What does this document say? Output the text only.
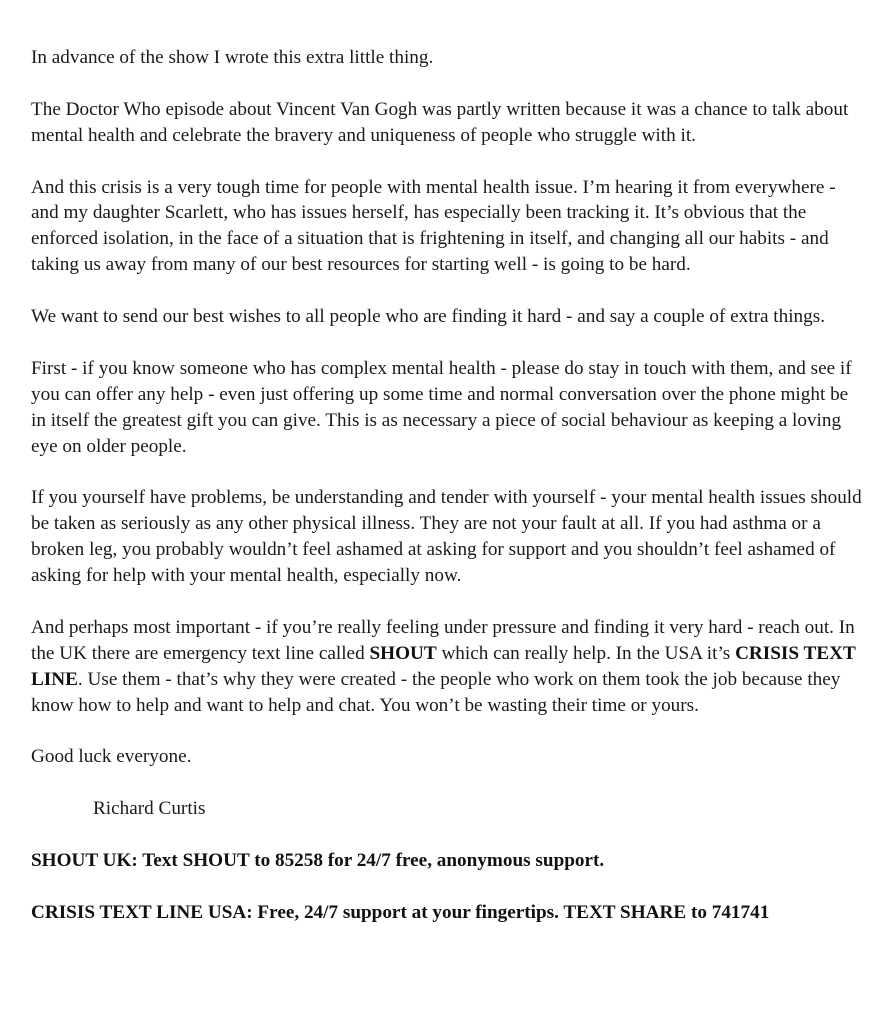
In advance of the show I wrote this extra little thing.

The Doctor Who episode about Vincent Van Gogh was partly written because it was a chance to talk about mental health and celebrate the bravery and uniqueness of people who struggle with it.

And this crisis is a very tough time for people with mental health issue. I’m hearing it from everywhere - and my daughter Scarlett, who has issues herself, has especially been tracking it. It’s obvious that the enforced isolation, in the face of a situation that is frightening in itself, and changing all our habits - and taking us away from many of our best resources for starting well - is going to be hard.

We want to send our best wishes to all people who are finding it hard - and say a couple of extra things.

First - if you know someone who has complex mental health - please do stay in touch with them, and see if you can offer any help - even just offering up some time and normal conversation over the phone might be in itself the greatest gift you can give. This is as necessary a piece of social behaviour as keeping a loving eye on older people.

If you yourself have problems, be understanding and tender with yourself - your mental health issues should be taken as seriously as any other physical illness. They are not your fault at all. If you had asthma or a broken leg, you probably wouldn’t feel ashamed at asking for support and you shouldn’t feel ashamed of asking for help with your mental health, especially now.

And perhaps most important - if you’re really feeling under pressure and finding it very hard - reach out. In the UK there are emergency text line called SHOUT which can really help. In the USA it’s CRISIS TEXT LINE. Use them - that’s why they were created - the people who work on them took the job because they know how to help and want to help and chat. You won’t be wasting their time or yours.

Good luck everyone.

Richard Curtis

SHOUT UK: Text SHOUT to 85258 for 24/7 free, anonymous support.

CRISIS TEXT LINE USA: Free, 24/7 support at your fingertips. TEXT SHARE to 741741
